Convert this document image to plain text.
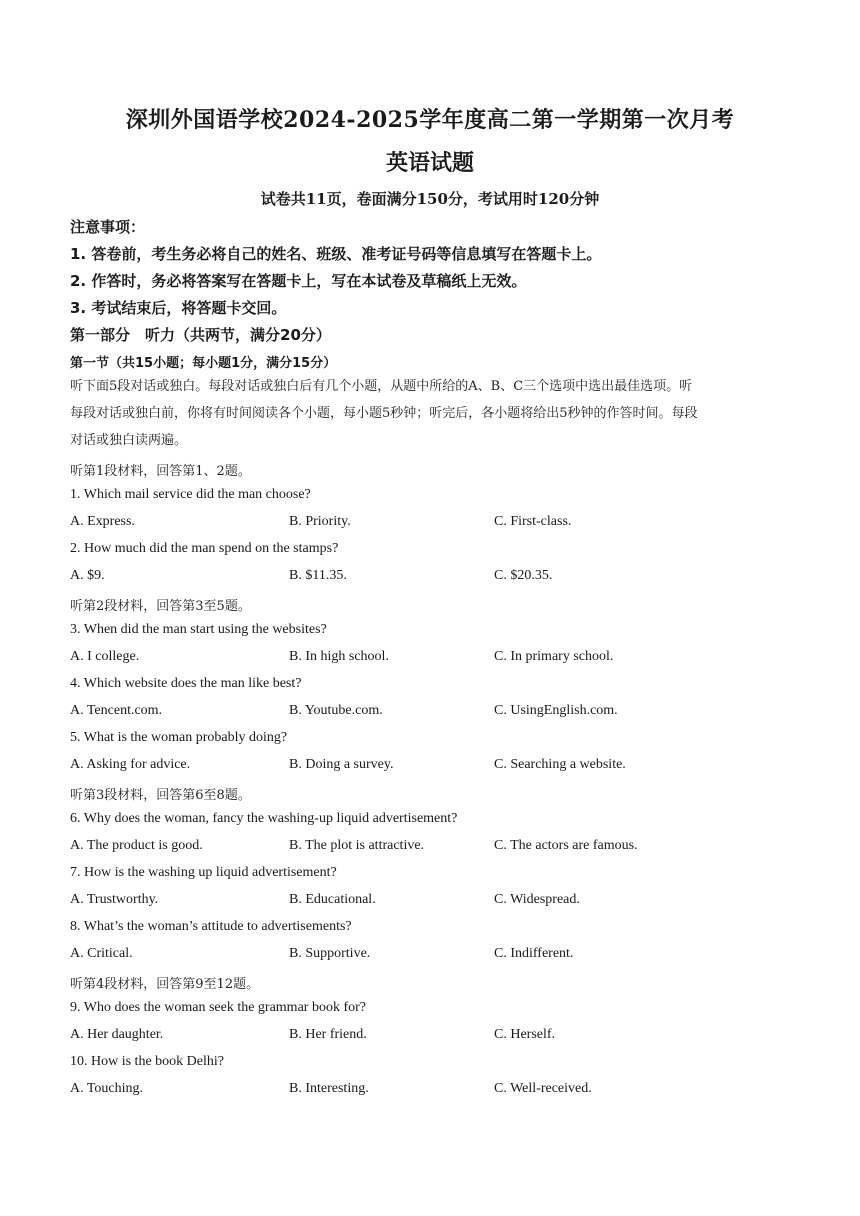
深圳外国语学校2024-2025学年度高二第一学期第一次月考
英语试题
试卷共11页，卷面满分150分，考试用时120分钟
注意事项：
1. 答卷前，考生务必将自己的姓名、班级、准考证号码等信息填写在答题卡上。
2. 作答时，务必将答案写在答题卡上，写在本试卷及草稿纸上无效。
3. 考试结束后，将答题卡交回。
第一部分　听力（共两节，满分20分）
第一节（共15小题；每小题1分，满分15分）
听下面5段对话或独白。每段对话或独白后有几个小题，从题中所给的A、B、C三个选项中选出最佳选项。听
每段对话或独白前，你将有时间阅读各个小题，每小题5秒钟；听完后，各小题将给出5秒钟的作答时间。每段
对话或独白读两遍。
听第1段材料，回答第1、2题。
1. Which mail service did the man choose?
A. Express.	B. Priority.	C. First-class.
2. How much did the man spend on the stamps?
A. $9.	B. $11.35.	C. $20.35.
听第2段材料，回答第3至5题。
3. When did the man start using the websites?
A. I college.	B. In high school.	C. In primary school.
4. Which website does the man like best?
A. Tencent.com.	B. Youtube.com.	C. UsingEnglish.com.
5. What is the woman probably doing?
A. Asking for advice.	B. Doing a survey.	C. Searching a website.
听第3段材料，回答第6至8题。
6. Why does the woman, fancy the washing-up liquid advertisement?
A. The product is good.	B. The plot is attractive.	C. The actors are famous.
7. How is the washing up liquid advertisement?
A. Trustworthy.	B. Educational.	C. Widespread.
8. What’s the woman’s attitude to advertisements?
A. Critical.	B. Supportive.	C. Indifferent.
听第4段材料，回答第9至12题。
9. Who does the woman seek the grammar book for?
A. Her daughter.	B. Her friend.	C. Herself.
10. How is the book Delhi?
A. Touching.	B. Interesting.	C. Well-received.
